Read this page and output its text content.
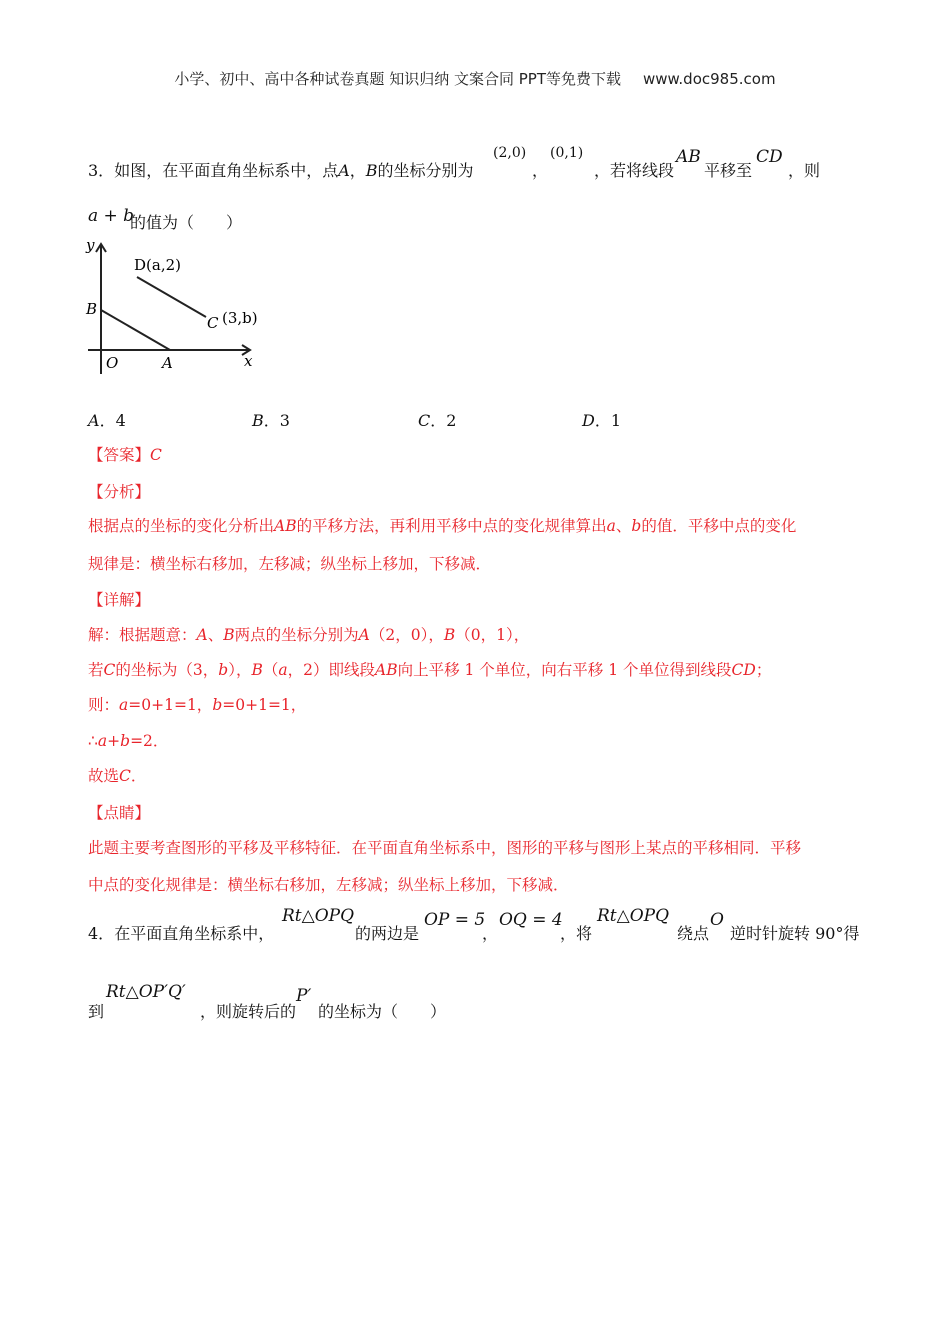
小学、初中、高中各种试卷真题 知识归纳 文案合同 PPT等免费下载 www.doc985.com
3．如图，在平面直角坐标系中，点A，B的坐标分别为
(2,0)
，
(0,1)
，若将线段
AB
平移至
CD
，则
a + b
的值为（　　）
x
y
O	A
B
D(a,2)
C (3,b)
A．4	B．3	C．2	D．1
【答案】C
【分析】
根据点的坐标的变化分析出AB的平移方法，再利用平移中点的变化规律算出a、b的值．平移中点的变化
规律是：横坐标右移加，左移减；纵坐标上移加，下移减．
【详解】
解：根据题意：A、B两点的坐标分别为A（2，0），B（0，1），
若C的坐标为（3，b），B（a，2）即线段AB向上平移 1 个单位，向右平移 1 个单位得到线段CD；
则：a=0+1=1，b=0+1=1，
∴a+b=2．
故选C．
【点睛】
此题主要考查图形的平移及平移特征．在平面直角坐标系中，图形的平移与图形上某点的平移相同．平移
中点的变化规律是：横坐标右移加，左移减；纵坐标上移加，下移减．
4．在平面直角坐标系中，
Rt△OPQ
的两边是
OP = 5
，
OQ = 4
，将
Rt△OPQ
绕点
O
逆时针旋转 90°得
到
Rt△OP′Q′
，则旋转后的
P′
的坐标为（　　）
